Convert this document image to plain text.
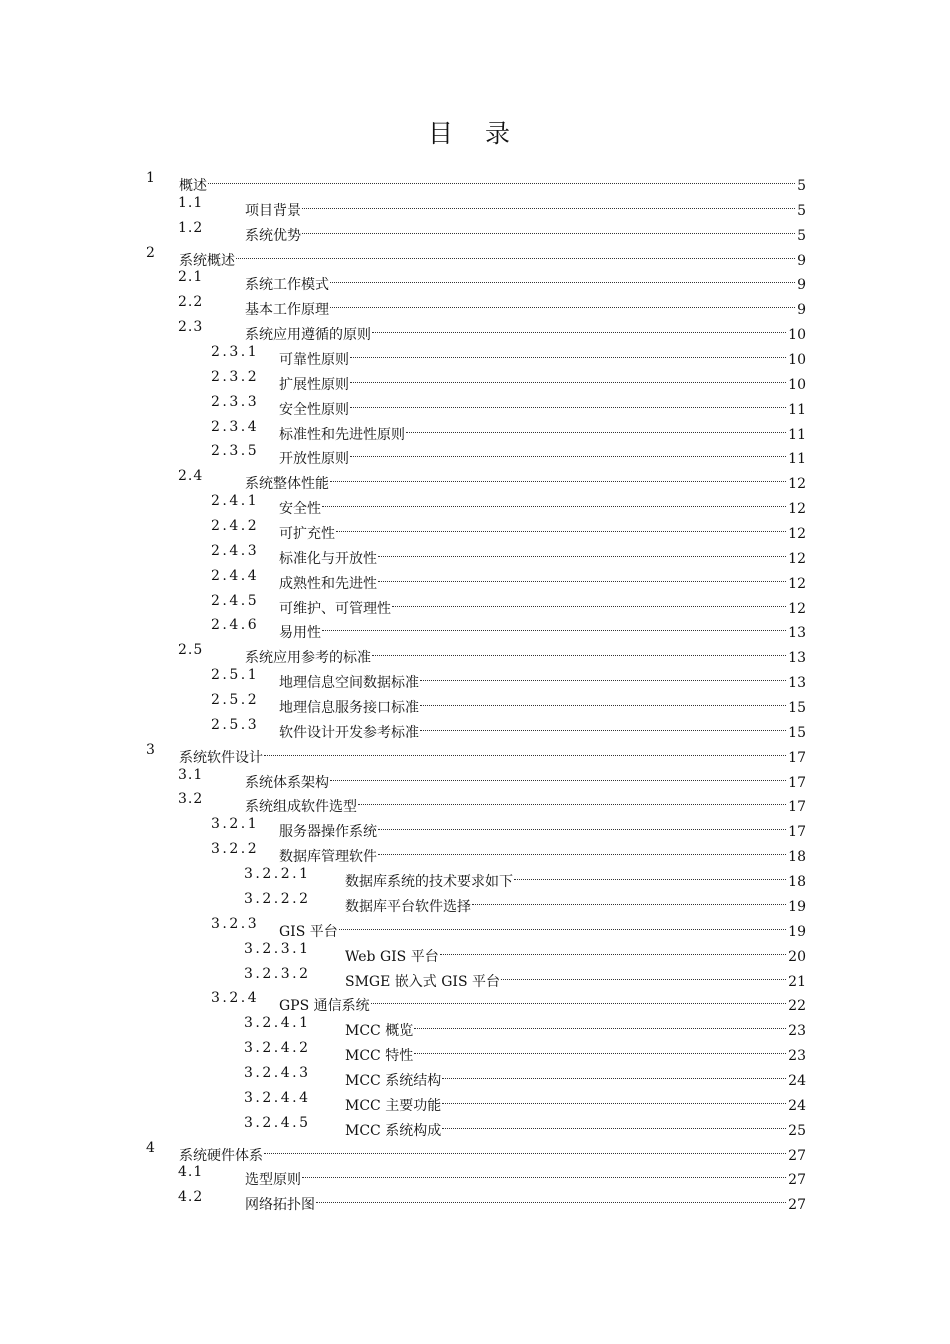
目 录
1 概述	5
1.1	项目背景	5
1.2	系统优势	5
2 系统概述	9
2.1	系统工作模式	9
2.2	基本工作原理	9
2.3	系统应用遵循的原则	10
2.3.1 可靠性原则	10
2.3.2 扩展性原则	10
2.3.3 安全性原则	11
2.3.4 标准性和先进性原则	11
2.3.5 开放性原则	11
2.4	系统整体性能	12
2.4.1 安全性	12
2.4.2 可扩充性	12
2.4.3 标准化与开放性	12
2.4.4 成熟性和先进性	12
2.4.5 可维护、可管理性	12
2.4.6 易用性	13
2.5	系统应用参考的标准	13
2.5.1 地理信息空间数据标准	13
2.5.2 地理信息服务接口标准	15
2.5.3 软件设计开发参考标准	15
3 系统软件设计	17
3.1	系统体系架构	17
3.2	系统组成软件选型	17
3.2.1 服务器操作系统	17
3.2.2 数据库管理软件	18
3.2.2.1 数据库系统的技术要求如下	18
3.2.2.2 数据库平台软件选择	19
3.2.3 GIS 平台	19
3.2.3.1 Web GIS 平台	20
3.2.3.2 SMGE 嵌入式 GIS 平台	21
3.2.4 GPS 通信系统	22
3.2.4.1 MCC 概览	23
3.2.4.2 MCC 特性	23
3.2.4.3 MCC 系统结构	24
3.2.4.4 MCC 主要功能	24
3.2.4.5 MCC 系统构成	25
4 系统硬件体系	27
4.1	选型原则	27
4.2	网络拓扑图	27
